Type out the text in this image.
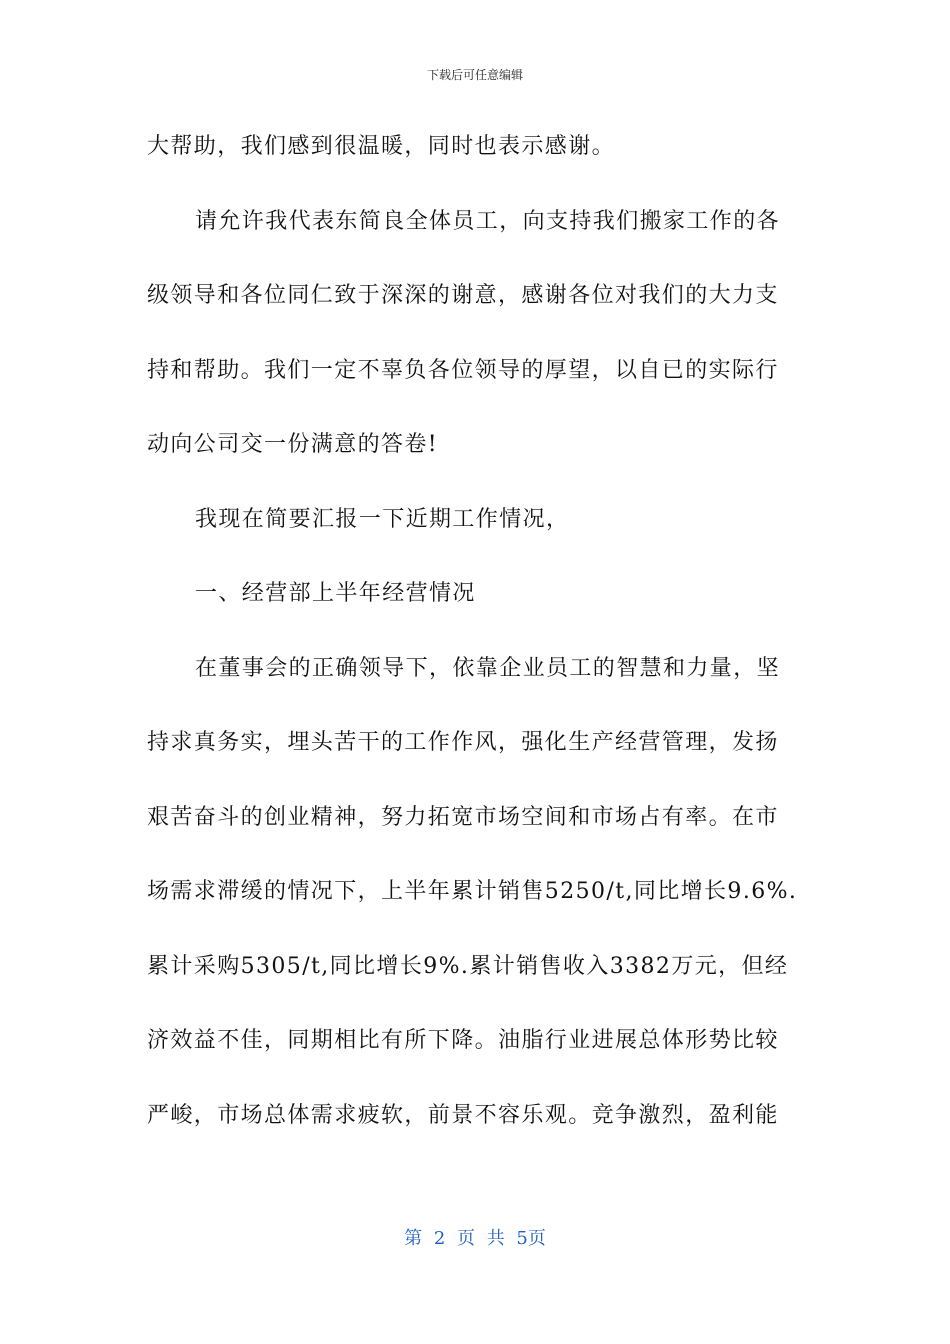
下载后可任意编辑
大帮助，我们感到很温暖，同时也表示感谢。
请允许我代表东简良全体员工，向支持我们搬家工作的各
级领导和各位同仁致于深深的谢意，感谢各位对我们的大力支
持和帮助。我们一定不辜负各位领导的厚望，以自已的实际行
动向公司交一份满意的答卷!
我现在简要汇报一下近期工作情况，
一、经营部上半年经营情况
在董事会的正确领导下，依靠企业员工的智慧和力量，坚
持求真务实，埋头苦干的工作作风，强化生产经营管理，发扬
艰苦奋斗的创业精神，努力拓宽市场空间和市场占有率。在市
场需求滞缓的情况下，上半年累计销售5250/t,同比增长9.6%.
累计采购5305/t,同比增长9%.累计销售收入3382万元，但经
济效益不佳，同期相比有所下降。油脂行业进展总体形势比较
严峻，市场总体需求疲软，前景不容乐观。竞争激烈，盈利能
第 2 页 共 5页
